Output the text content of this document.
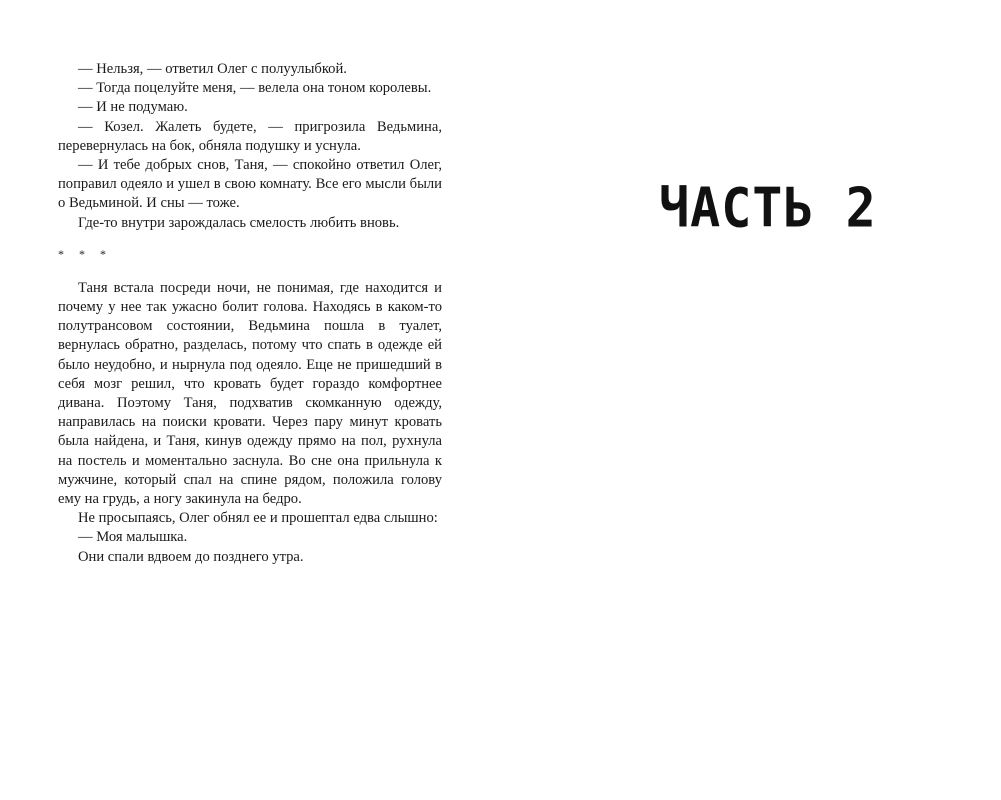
— Нельзя, — ответил Олег с полуулыбкой.

— Тогда поцелуйте меня, — велела она тоном королевы.

— И не подумаю.

— Козел. Жалеть будете, — пригрозила Ведьмина, перевернулась на бок, обняла подушку и уснула.

— И тебе добрых снов, Таня, — спокойно ответил Олег, поправил одеяло и ушел в свою комнату. Все его мысли были о Ведьминой. И сны — тоже.

Где-то внутри зарождалась смелость любить вновь.

* * *

Таня встала посреди ночи, не понимая, где находится и почему у нее так ужасно болит голова. Находясь в каком-то полутрансовом состоянии, Ведьмина пошла в туалет, вернулась обратно, разделась, потому что спать в одежде ей было неудобно, и нырнула под одеяло. Еще не пришедший в себя мозг решил, что кровать будет гораздо комфортнее дивана. Поэтому Таня, подхватив скомканную одежду, направилась на поиски кровати. Через пару минут кровать была найдена, и Таня, кинув одежду прямо на пол, рухнула на постель и моментально заснула. Во сне она прильнула к мужчине, который спал на спине рядом, положила голову ему на грудь, а ногу закинула на бедро.

Не просыпаясь, Олег обнял ее и прошептал едва слышно:

— Моя малышка.

Они спали вдвоем до позднего утра.

ЧАСТЬ 2
